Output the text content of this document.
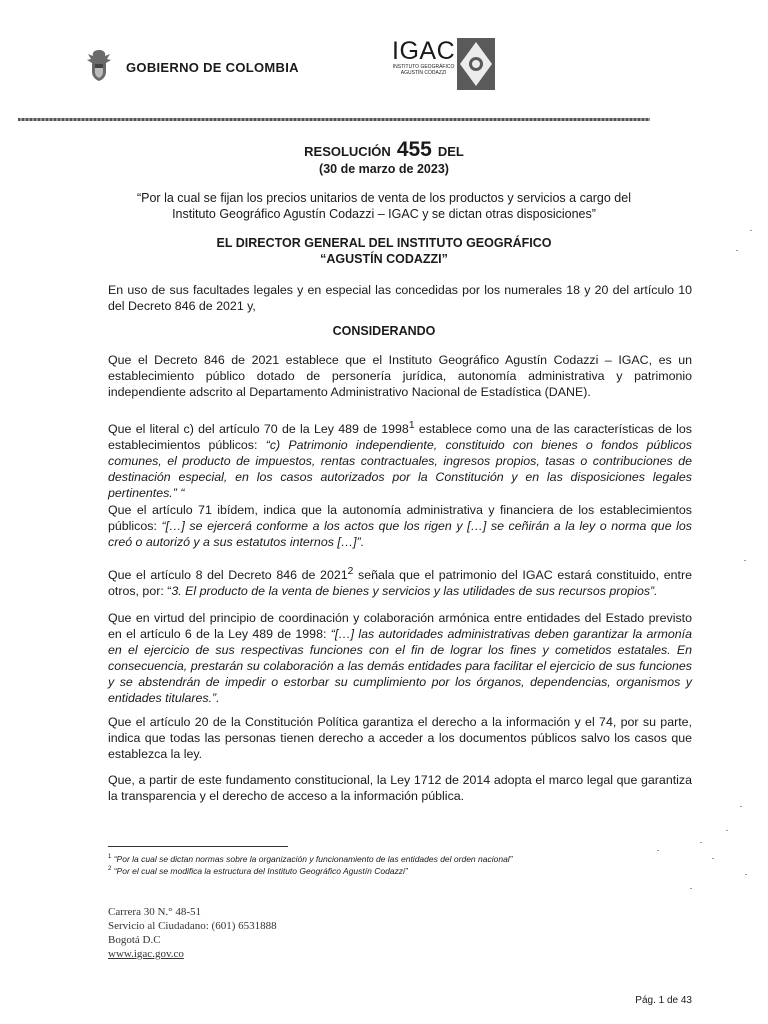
GOBIERNO DE COLOMBIA
IGAC
INSTITUTO GEOGRÁFICO
AGUSTÍN CODAZZI
RESOLUCIÓN 455 DEL
(30 de marzo de 2023)
“Por la cual se fijan los precios unitarios de venta de los productos y servicios a cargo del Instituto Geográfico Agustín Codazzi – IGAC y se dictan otras disposiciones”
EL DIRECTOR GENERAL DEL INSTITUTO GEOGRÁFICO
“AGUSTÍN CODAZZI”

En uso de sus facultades legales y en especial las concedidas por los numerales 18 y 20 del artículo 10 del Decreto 846 de 2021 y,

CONSIDERANDO

Que el Decreto 846 de 2021 establece que el Instituto Geográfico Agustín Codazzi – IGAC, es un establecimiento público dotado de personería jurídica, autonomía administrativa y patrimonio independiente adscrito al Departamento Administrativo Nacional de Estadística (DANE).

Que el literal c) del artículo 70 de la Ley 489 de 1998$^1$ establece como una de las características de los establecimientos públicos: “c) Patrimonio independiente, constituido con bienes o fondos públicos comunes, el producto de impuestos, rentas contractuales, ingresos propios, tasas o contribuciones de destinación especial, en los casos autorizados por la Constitución y en las disposiciones legales pertinentes.” “

Que el artículo 71 ibídem, indica que la autonomía administrativa y financiera de los establecimientos públicos: “[…] se ejercerá conforme a los actos que los rigen y […] se ceñirán a la ley o norma que los creó o autorizó y a sus estatutos internos […]”.

Que el artículo 8 del Decreto 846 de 2021$^2$ señala que el patrimonio del IGAC estará constituido, entre otros, por: “3. El producto de la venta de bienes y servicios y las utilidades de sus recursos propios”.

Que en virtud del principio de coordinación y colaboración armónica entre entidades del Estado previsto en el artículo 6 de la Ley 489 de 1998: “[…] las autoridades administrativas deben garantizar la armonía en el ejercicio de sus respectivas funciones con el fin de lograr los fines y cometidos estatales. En consecuencia, prestarán su colaboración a las demás entidades para facilitar el ejercicio de sus funciones y se abstendrán de impedir o estorbar su cumplimiento por los órganos, dependencias, organismos y entidades titulares.”.

Que el artículo 20 de la Constitución Política garantiza el derecho a la información y el 74, por su parte, indica que todas las personas tienen derecho a acceder a los documentos públicos salvo los casos que establezca la ley.

Que, a partir de este fundamento constitucional, la Ley 1712 de 2014 adopta el marco legal que garantiza la transparencia y el derecho de acceso a la información pública.

$^1$ “Por la cual se dictan normas sobre la organización y funcionamiento de las entidades del orden nacional”
$^2$ “Por el cual se modifica la estructura del Instituto Geográfico Agustín Codazzi”
Carrera 30 N.° 48-51
Servicio al Ciudadano: (601) 6531888
Bogotá D.C
www.igac.gov.co
Pág. 1 de 43
